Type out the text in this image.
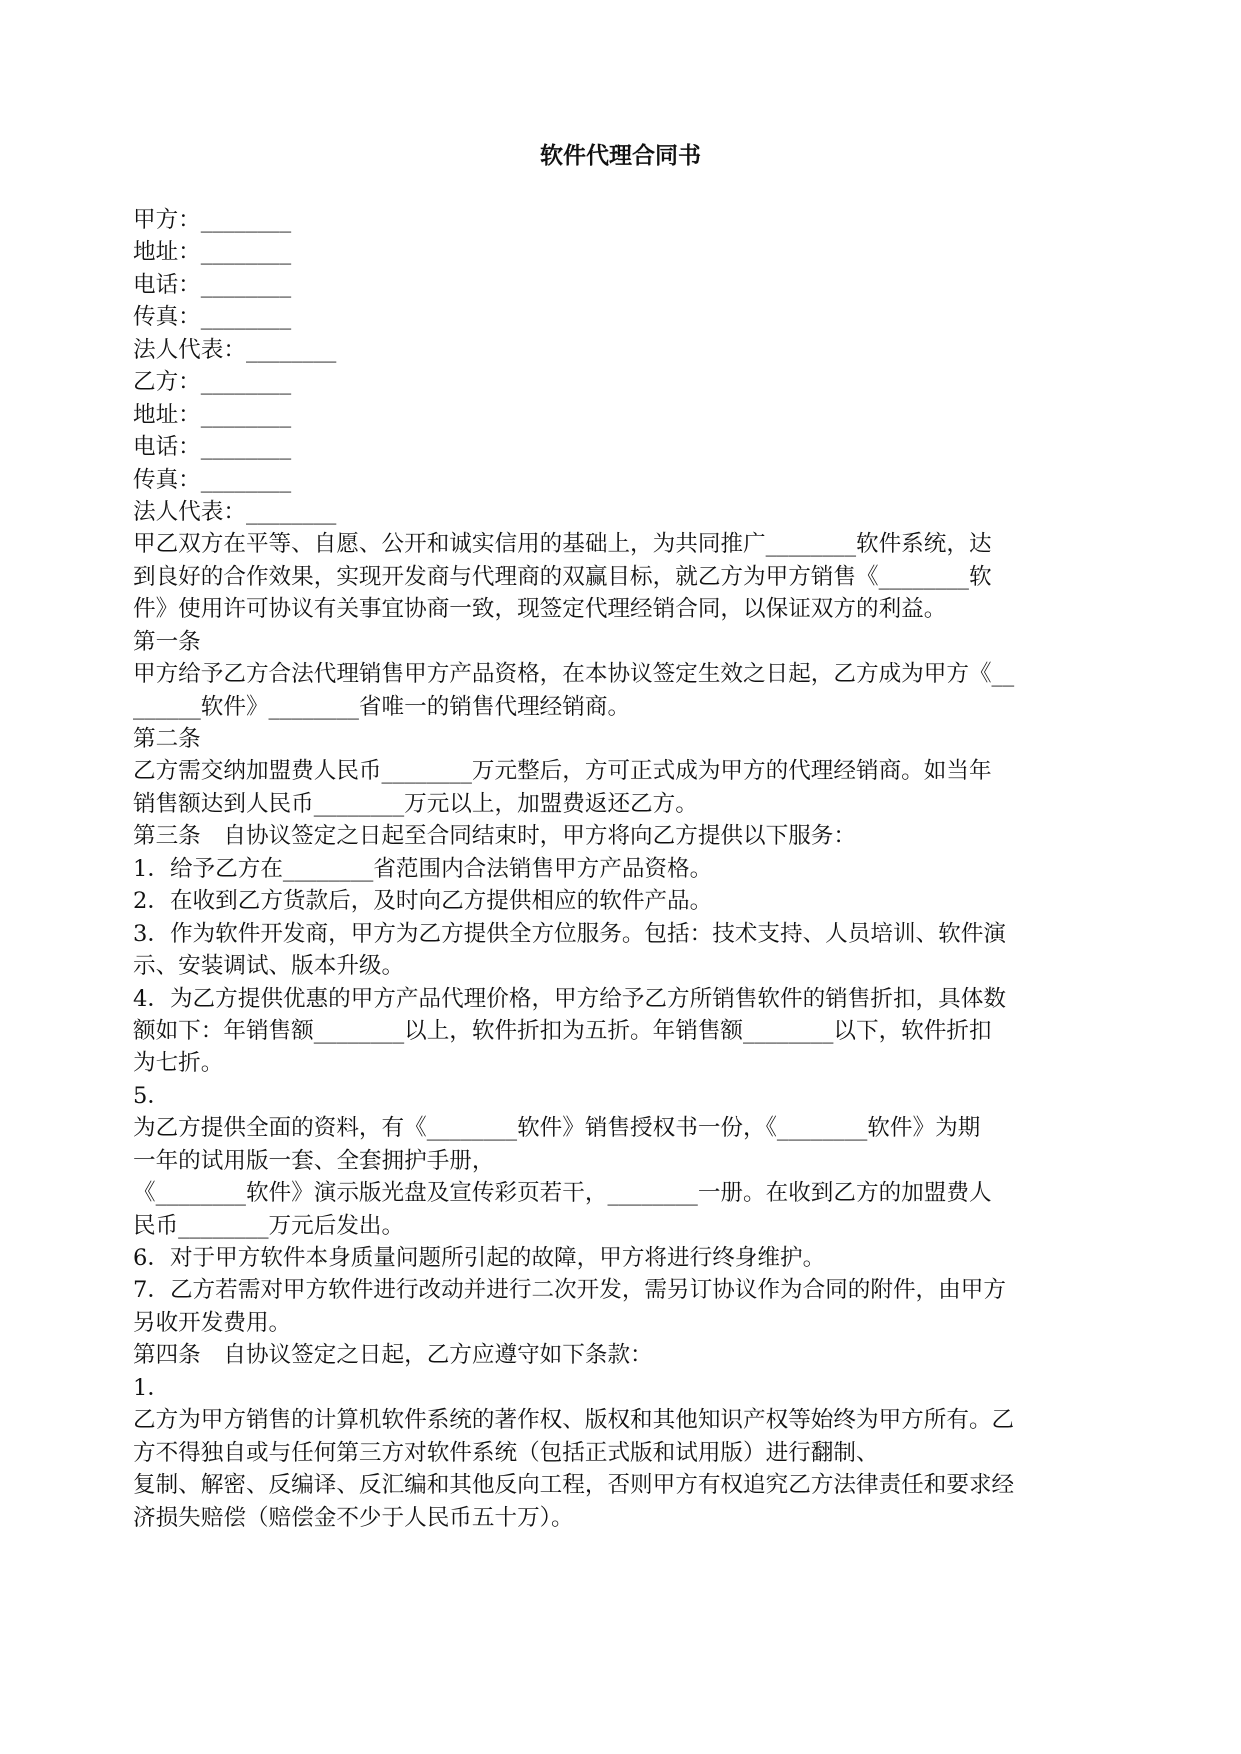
软件代理合同书
甲方：________
地址：________
电话：________
传真：________
法人代表：________
乙方：________
地址：________
电话：________
传真：________
法人代表：________
甲乙双方在平等、自愿、公开和诚实信用的基础上，为共同推广________软件系统，达
到良好的合作效果，实现开发商与代理商的双赢目标，就乙方为甲方销售《________软
件》使用许可协议有关事宜协商一致，现签定代理经销合同，以保证双方的利益。
第一条
甲方给予乙方合法代理销售甲方产品资格，在本协议签定生效之日起，乙方成为甲方《__
______软件》________省唯一的销售代理经销商。
第二条
乙方需交纳加盟费人民币________万元整后，方可正式成为甲方的代理经销商。如当年
销售额达到人民币________万元以上，加盟费返还乙方。
第三条　自协议签定之日起至合同结束时，甲方将向乙方提供以下服务：
1．给予乙方在________省范围内合法销售甲方产品资格。
2．在收到乙方货款后，及时向乙方提供相应的软件产品。
3．作为软件开发商，甲方为乙方提供全方位服务。包括：技术支持、人员培训、软件演
示、安装调试、版本升级。
4．为乙方提供优惠的甲方产品代理价格，甲方给予乙方所销售软件的销售折扣，具体数
额如下：年销售额________以上，软件折扣为五折。年销售额________以下，软件折扣
为七折。
5．
为乙方提供全面的资料，有《________软件》销售授权书一份，《________软件》为期
一年的试用版一套、全套拥护手册，
《________软件》演示版光盘及宣传彩页若干，________一册。在收到乙方的加盟费人
民币________万元后发出。
6．对于甲方软件本身质量问题所引起的故障，甲方将进行终身维护。
7．乙方若需对甲方软件进行改动并进行二次开发，需另订协议作为合同的附件，由甲方
另收开发费用。
第四条　自协议签定之日起，乙方应遵守如下条款：
1．
乙方为甲方销售的计算机软件系统的著作权、版权和其他知识产权等始终为甲方所有。乙
方不得独自或与任何第三方对软件系统（包括正式版和试用版）进行翻制、
复制、解密、反编译、反汇编和其他反向工程，否则甲方有权追究乙方法律责任和要求经
济损失赔偿（赔偿金不少于人民币五十万）。
